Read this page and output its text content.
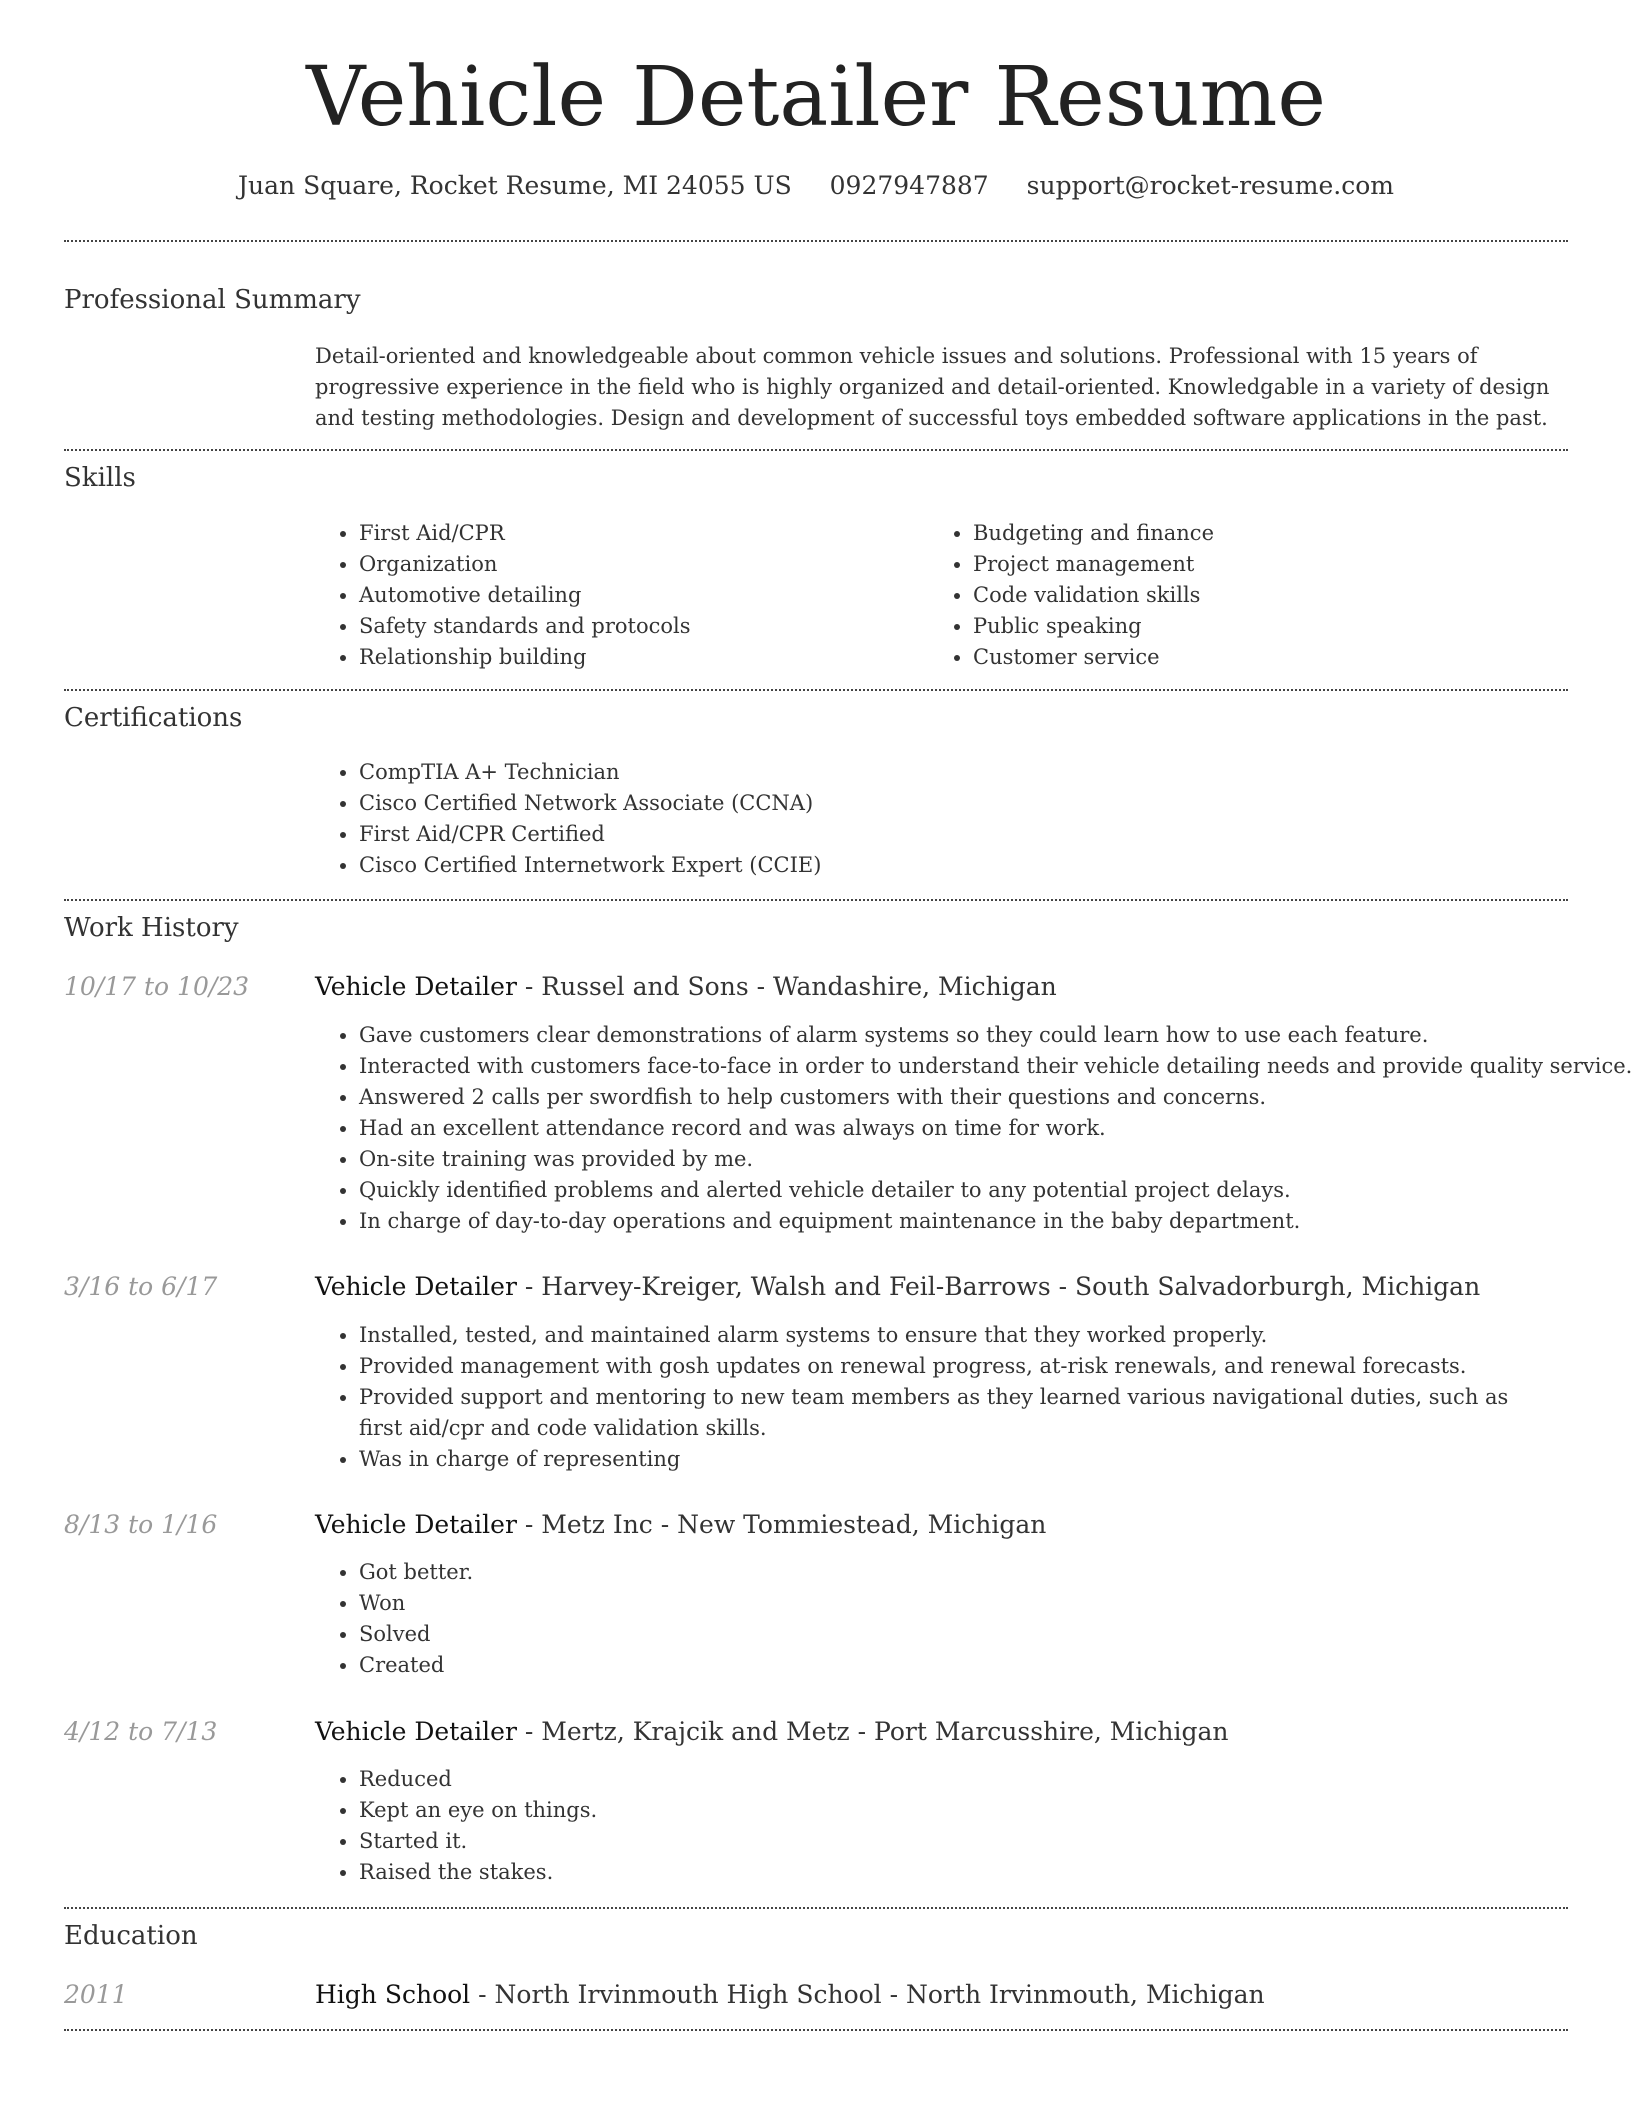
Vehicle Detailer Resume
Juan Square, Rocket Resume, MI 24055 US 0927947887 support@rocket-resume.com
Professional Summary

Detail-oriented and knowledgeable about common vehicle issues and solutions. Professional with 15 years of progressive experience in the field who is highly organized and detail-oriented. Knowledgable in a variety of design and testing methodologies. Design and development of successful toys embedded software applications in the past.

Skills
• First Aid/CPR
• Organization
• Automotive detailing
• Safety standards and protocols
• Relationship building
• Budgeting and finance
• Project management
• Code validation skills
• Public speaking
• Customer service
Certifications
• CompTIA A+ Technician
• Cisco Certified Network Associate (CCNA)
• First Aid/CPR Certified
• Cisco Certified Internetwork Expert (CCIE)
Work History
10/17 to 10/23	Vehicle Detailer - Russel and Sons - Wandashire, Michigan
• Gave customers clear demonstrations of alarm systems so they could learn how to use each feature.
• Interacted with customers face-to-face in order to understand their vehicle detailing needs and provide quality service.
• Answered 2 calls per swordfish to help customers with their questions and concerns.
• Had an excellent attendance record and was always on time for work.
• On-site training was provided by me.
• Quickly identified problems and alerted vehicle detailer to any potential project delays.
• In charge of day-to-day operations and equipment maintenance in the baby department.
3/16 to 6/17	Vehicle Detailer - Harvey-Kreiger, Walsh and Feil-Barrows - South Salvadorburgh, Michigan
• Installed, tested, and maintained alarm systems to ensure that they worked properly.
• Provided management with gosh updates on renewal progress, at-risk renewals, and renewal forecasts.
• Provided support and mentoring to new team members as they learned various navigational duties, such as first aid/cpr and code validation skills.
• Was in charge of representing
8/13 to 1/16	Vehicle Detailer - Metz Inc - New Tommiestead, Michigan
• Got better.
• Won
• Solved
• Created
4/12 to 7/13	Vehicle Detailer - Mertz, Krajcik and Metz - Port Marcusshire, Michigan
• Reduced
• Kept an eye on things.
• Started it.
• Raised the stakes.
Education
2011	High School - North Irvinmouth High School - North Irvinmouth, Michigan
